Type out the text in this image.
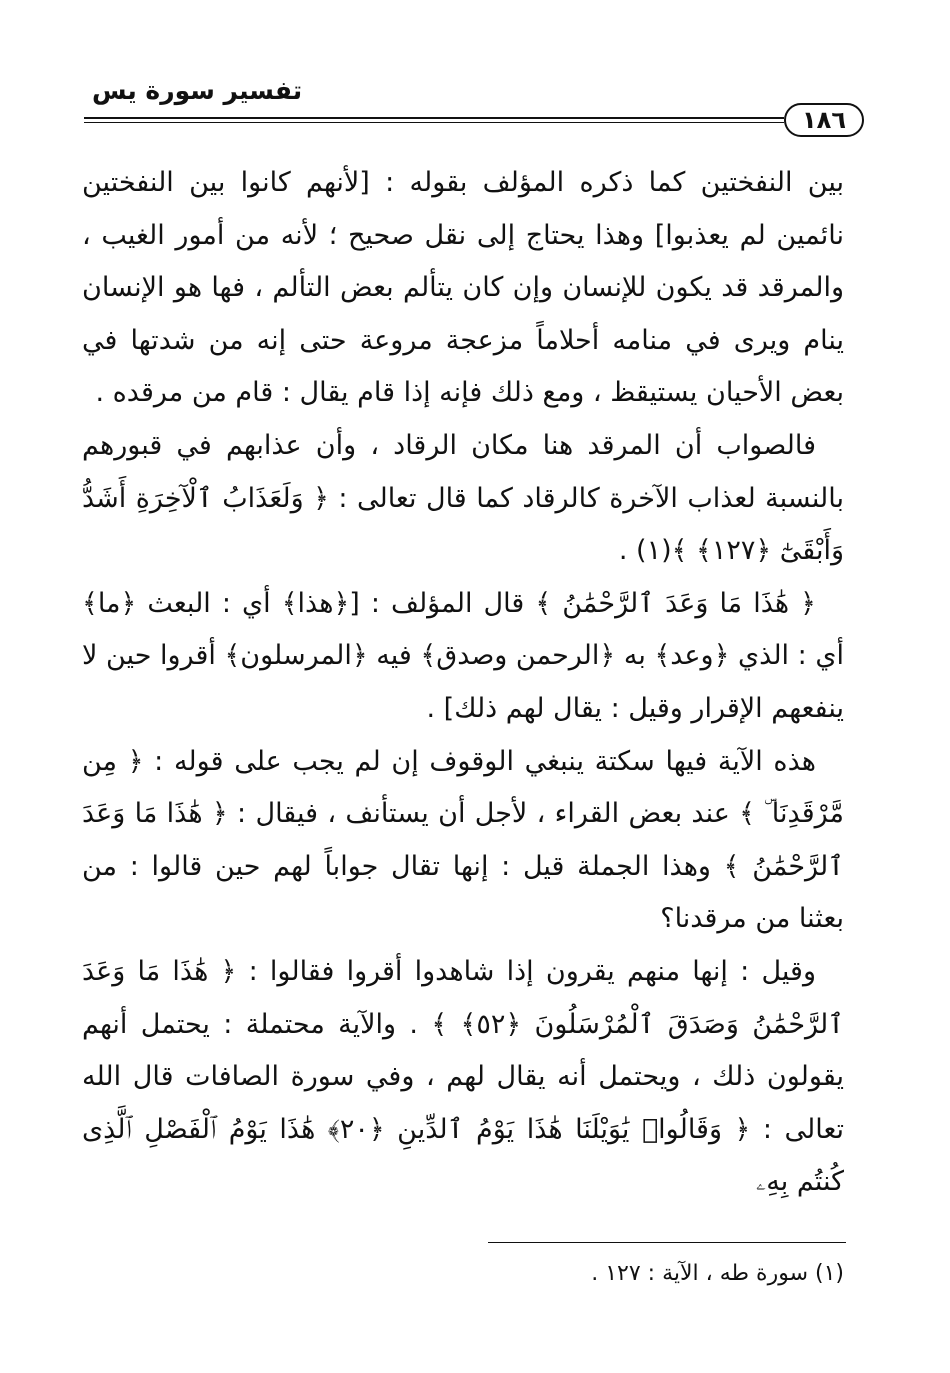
تفسير سورة يس
١٨٦

بين النفختين كما ذكره المؤلف بقوله : [لأنهم كانوا بين النفختين نائمين لم يعذبوا] وهذا يحتاج إلى نقل صحيح ؛ لأنه من أمور الغيب ، والمرقد قد يكون للإنسان وإن كان يتألم بعض التألم ، فها هو الإنسان ينام ويرى في منامه أحلاماً مزعجة مروعة حتى إنه من شدتها في بعض الأحيان يستيقظ ، ومع ذلك فإنه إذا قام يقال : قام من مرقده .

فالصواب أن المرقد هنا مكان الرقاد ، وأن عذابهم في قبورهم بالنسبة لعذاب الآخرة كالرقاد كما قال تعالى : ﴿ وَلَعَذَابُ ٱلْآخِرَةِ أَشَدُّ وَأَبْقَىٰٓ ﴿١٢٧﴾ ﴾(١) .

﴿ هَٰذَا مَا وَعَدَ ٱلرَّحْمَٰنُ ﴾ قال المؤلف : [﴿هذا﴾ أي : البعث ﴿ما﴾ أي : الذي ﴿وعد﴾ به ﴿الرحمن وصدق﴾ فيه ﴿المرسلون﴾ أقروا حين لا ينفعهم الإقرار وقيل : يقال لهم ذلك] .

هذه الآية فيها سكتة ينبغي الوقوف إن لم يجب على قوله : ﴿ مِن مَّرْقَدِنَا ۜ ﴾ عند بعض القراء ، لأجل أن يستأنف ، فيقال : ﴿ هَٰذَا مَا وَعَدَ ٱلرَّحْمَٰنُ ﴾ وهذا الجملة قيل : إنها تقال جواباً لهم حين قالوا : من بعثنا من مرقدنا؟

وقيل : إنها منهم يقرون إذا شاهدوا أقروا فقالوا : ﴿ هَٰذَا مَا وَعَدَ ٱلرَّحْمَٰنُ وَصَدَقَ ٱلْمُرْسَلُونَ ﴿٥٢﴾ ﴾ . والآية محتملة : يحتمل أنهم يقولون ذلك ، ويحتمل أنه يقال لهم ، وفي سورة الصافات قال الله تعالى : ﴿ وَقَالُوا۟ يَٰوَيْلَنَا هَٰذَا يَوْمُ ٱلدِّينِ ﴿٢٠﴾ هَٰذَا يَوْمُ ٱلْفَصْلِ ٱلَّذِى كُنتُم بِهِۦ

(١) سورة طه ، الآية : ١٢٧ .
